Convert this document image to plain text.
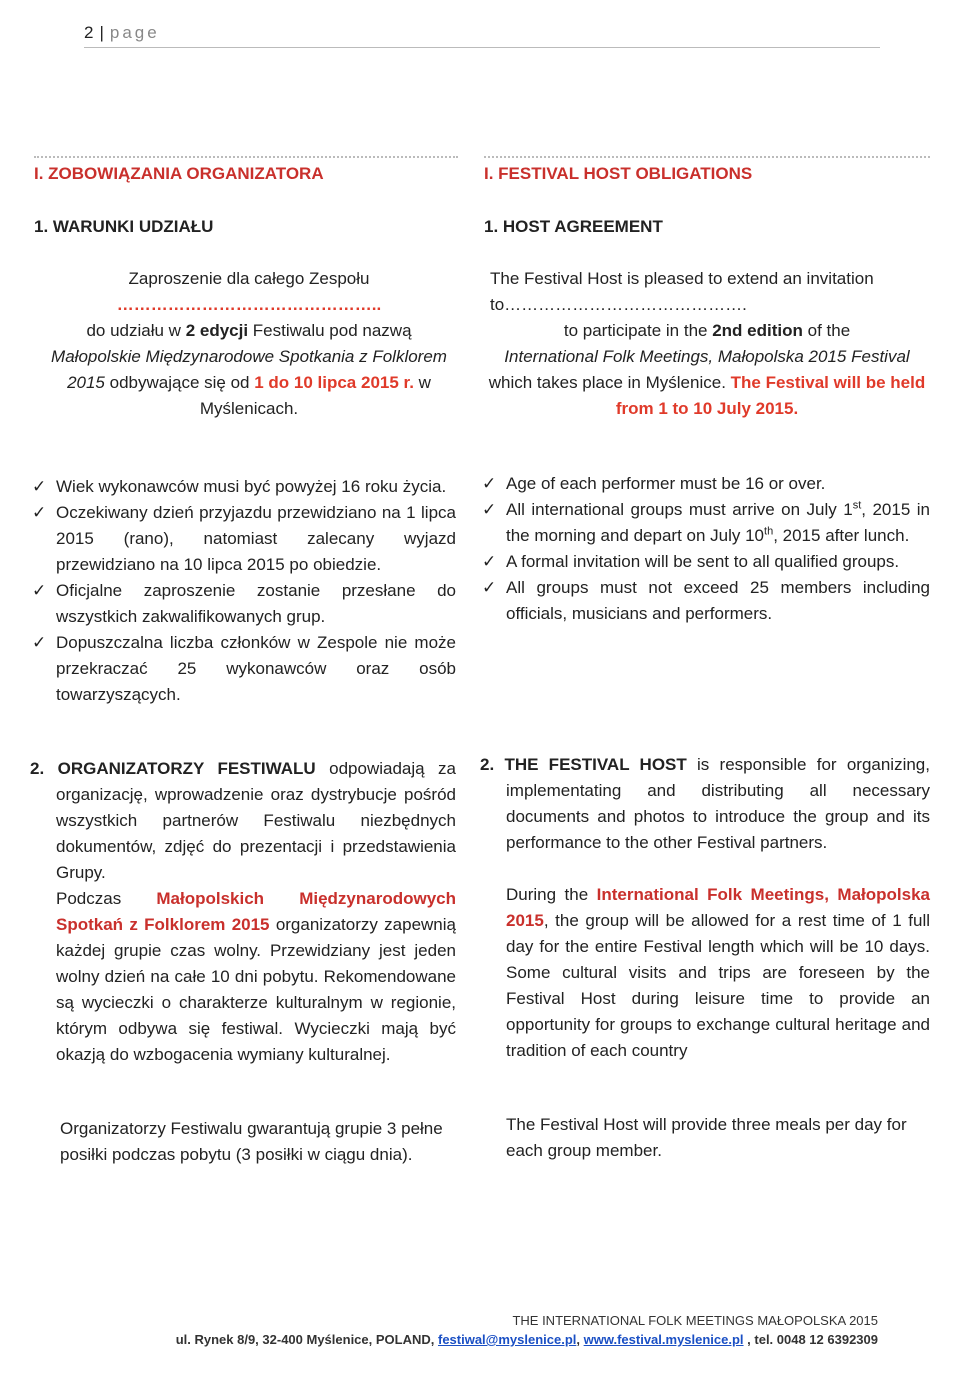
2 | page
I. ZOBOWIĄZANIA ORGANIZATORA
1. WARUNKI UDZIAŁU
Zaproszenie dla całego Zespołu
………………………………………..
do udziału w 2 edycji Festiwalu pod nazwą
Małopolskie Międzynarodowe Spotkania z Folklorem 2015 odbywające się od 1 do 10 lipca 2015 r. w Myślenicach.
✓ Wiek wykonawców musi być powyżej 16 roku życia.
✓ Oczekiwany dzień przyjazdu przewidziano na 1 lipca 2015 (rano), natomiast zalecany wyjazd przewidziano na 10 lipca 2015 po obiedzie.
✓ Oficjalne zaproszenie zostanie przesłane do wszystkich zakwalifikowanych grup.
✓ Dopuszczalna liczba członków w Zespole nie może przekraczać 25 wykonawców oraz osób towarzyszących.
2. ORGANIZATORZY FESTIWALU odpowiadają za organizację, wprowadzenie oraz dystrybucje pośród wszystkich partnerów Festiwalu niezbędnych dokumentów, zdjęć do prezentacji i przedstawienia Grupy.
Podczas Małopolskich Międzynarodowych Spotkań z Folklorem 2015 organizatorzy zapewnią każdej grupie czas wolny. Przewidziany jest jeden wolny dzień na całe 10 dni pobytu. Rekomendowane są wycieczki o charakterze kulturalnym w regionie, którym odbywa się festiwal. Wycieczki mają być okazją do wzbogacenia wymiany kulturalnej.
Organizatorzy Festiwalu gwarantują grupie 3 pełne posiłki podczas pobytu (3 posiłki w ciągu dnia).
I. FESTIVAL HOST OBLIGATIONS
1. HOST AGREEMENT
The Festival Host is pleased to extend an invitation
to…………………………………….
to participate in the 2nd edition of the
International Folk Meetings, Małopolska 2015 Festival which takes place in Myślenice. The Festival will be held from 1 to 10 July 2015.
✓ Age of each performer must be 16 or over.
✓ All international groups must arrive on July 1st, 2015 in the morning and depart on July 10th, 2015 after lunch.
✓ A formal invitation will be sent to all qualified groups.
✓ All groups must not exceed 25 members including officials, musicians and performers.
2. THE FESTIVAL HOST is responsible for organizing, implementating and distributing all necessary documents and photos to introduce the group and its performance to the other Festival partners.
During the International Folk Meetings, Małopolska 2015, the group will be allowed for a rest time of 1 full day for the entire Festival length which will be 10 days. Some cultural visits and trips are foreseen by the Festival Host during leisure time to provide an opportunity for groups to exchange cultural heritage and tradition of each country
The Festival Host will provide three meals per day for each group member.
THE INTERNATIONAL FOLK MEETINGS MAŁOPOLSKA 2015
ul. Rynek 8/9, 32-400 Myślenice, POLAND, festiwal@myslenice.pl, www.festival.myslenice.pl , tel. 0048 12 6392309
